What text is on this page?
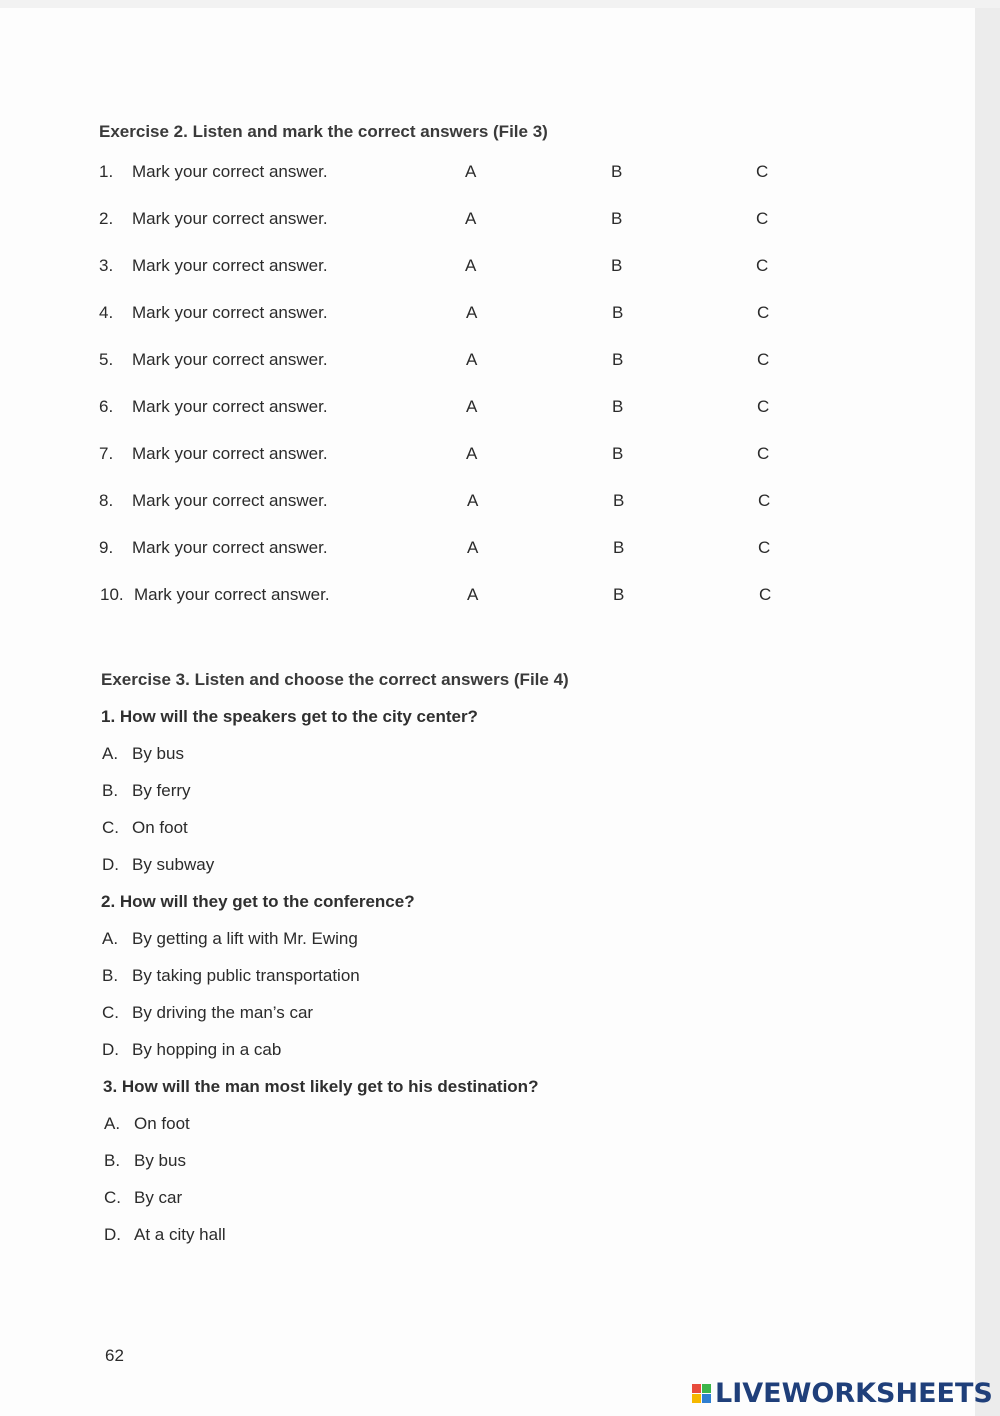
Exercise 2. Listen and mark the correct answers (File 3)
1. Mark your correct answer.	A	B	C
2. Mark your correct answer.	A	B	C
3. Mark your correct answer.	A	B	C
4. Mark your correct answer.	A	B	C
5. Mark your correct answer.	A	B	C
6. Mark your correct answer.	A	B	C
7. Mark your correct answer.	A	B	C
8. Mark your correct answer.	A	B	C
9. Mark your correct answer.	A	B	C
10. Mark your correct answer.	A	B	C
Exercise 3. Listen and choose the correct answers (File 4)
1. How will the speakers get to the city center?
A. By bus
B. By ferry
C. On foot
D. By subway
2. How will they get to the conference?
A. By getting a lift with Mr. Ewing
B. By taking public transportation
C. By driving the man’s car
D. By hopping in a cab
3. How will the man most likely get to his destination?
A. On foot
B. By bus
C. By car
D. At a city hall
62
LIVEWORKSHEETS
